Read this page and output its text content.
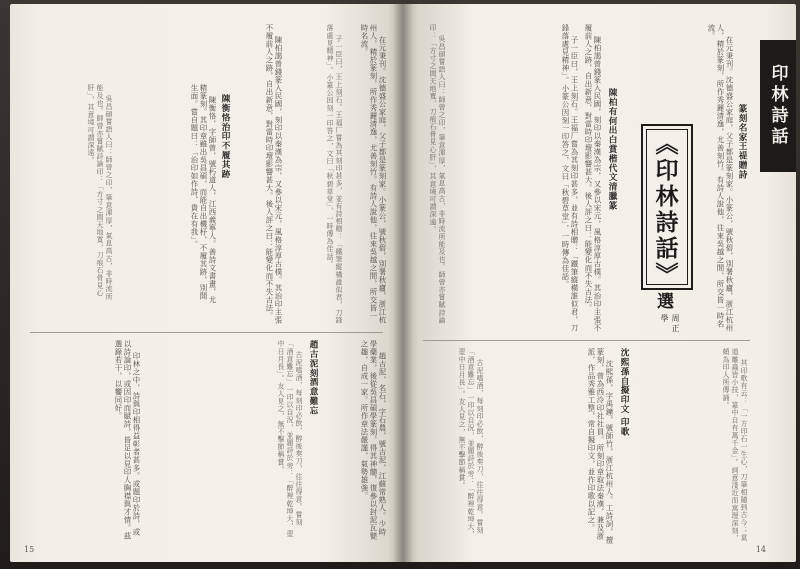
在元秉刊。沈德盛公家庭，父子都是篆刻家。小篆公，號秋碧，別署秋廬，浙江杭州人，精於篆刻，所作秀麗清逸，尤善刻竹。有詩人說他，往來吳越之間，所交皆一時名流。

子一臣曰，王上刻石。王福厂嘗為其刻印甚多，並有詩相贈：「鐵筆縱橫誰似君，刀鋒落處見精神」。小篆公因刻一印答之，文曰「秋碧草堂」，一時傳為佳話。

陳柏謁曾錢篆入民國，刻印以秦漢為宗，又參以宋元，風格淳厚古樸。其治印主張不履前人之跡，自出新意，對當時印壇影響甚大。後人評之曰：能變化而不失古法。

陳衡恪治印不履其跡

陳衡恪，字師曾，號朽道人，江西義寧人。善詩文書畫，尤精篆刻。其印章雖出吳昌碩，而能自出機杼，不履其跡，別開生面。嘗自題曰：「治印如作詩，貴在有我」。

吳昌碩嘗語人曰：師曾之印，筆意渾厚，氣息高古，非時流所能及也。師曾亦嘗賦詩論印：「方寸之間天地寬，刀痕石骨見心肝」，其意境可謂深遠。

趙古泥刻酒意難忘	趙古泥，名石，字石農，號古泥，江蘇常熟人。少時學藥業，後從吳昌碩學篆刻，得其神髓，復參以封泥瓦甓之趣，自成一家。所作章法嚴謹，氣勢雄強。

古泥嗜酒，每刻印必飲，醉後奏刀，往往得意。嘗刻「酒意難忘」一印以自況，並題詩於旁：「醉裡乾坤大，壺中日月長」。友人見之，無不擊節稱賞。

印林之中，詩與印相得益彰者甚多。或題印於詩，或以詩論印，或因印而賦詩，皆足以見印人胸襟與才情。茲選錄若干，以饗同好。

15
印林詩話
篆刻名家王禔贈詩

在元秉刊。沈德盛公家庭，父子都是篆刻家。小篆公，號秋碧，別署秋廬，浙江杭州人，精於篆刻，所作秀麗清逸，尤善刻竹。有詩人說他，往來吳越之間，所交皆一時名流。

《印林詩話》
選
周正學
陳柏有何出白賞楷代文清臘篆

陳柏謁曾錢篆入民國，刻印以秦漢為宗，又參以宋元，風格淳厚古樸。其治印主張不履前人之跡，自出新意，對當時印壇影響甚大。後人評之曰：能變化而不失古法。

子一臣曰，王上刻石。王福厂嘗為其刻印甚多，並有詩相贈：「鐵筆縱橫誰似君，刀鋒落處見精神」。小篆公因刻一印答之，文曰「秋碧草堂」，一時傳為佳話。

吳昌碩嘗語人曰：師曾之印，筆意渾厚，氣息高古，非時流所能及也。師曾亦嘗賦詩論印：「方寸之間天地寬，刀痕石骨見心肝」，其意境可謂深遠。

其印歌有云：「一方印石一生心，刀筆相隨到古今；莫道雕蟲皆小技，篆中自有萬千金」。詞意淺近而寓理深刻，頗為印人所傳誦。

沈熙孫自擬印文 印歌

沈熙孫，字禹鐘，號師竹，浙江杭州人。工詩詞，擅篆刻，曾為西泠印社社員。所刻印章取法秦漢，兼及浙派，作品秀雅工整，常自擬印文，並作印歌以記之。

古泥嗜酒，每刻印必飲，醉後奏刀，往往得意。嘗刻「酒意難忘」一印以自況，並題詩於旁：「醉裡乾坤大，壺中日月長」。友人見之，無不擊節稱賞。

14
